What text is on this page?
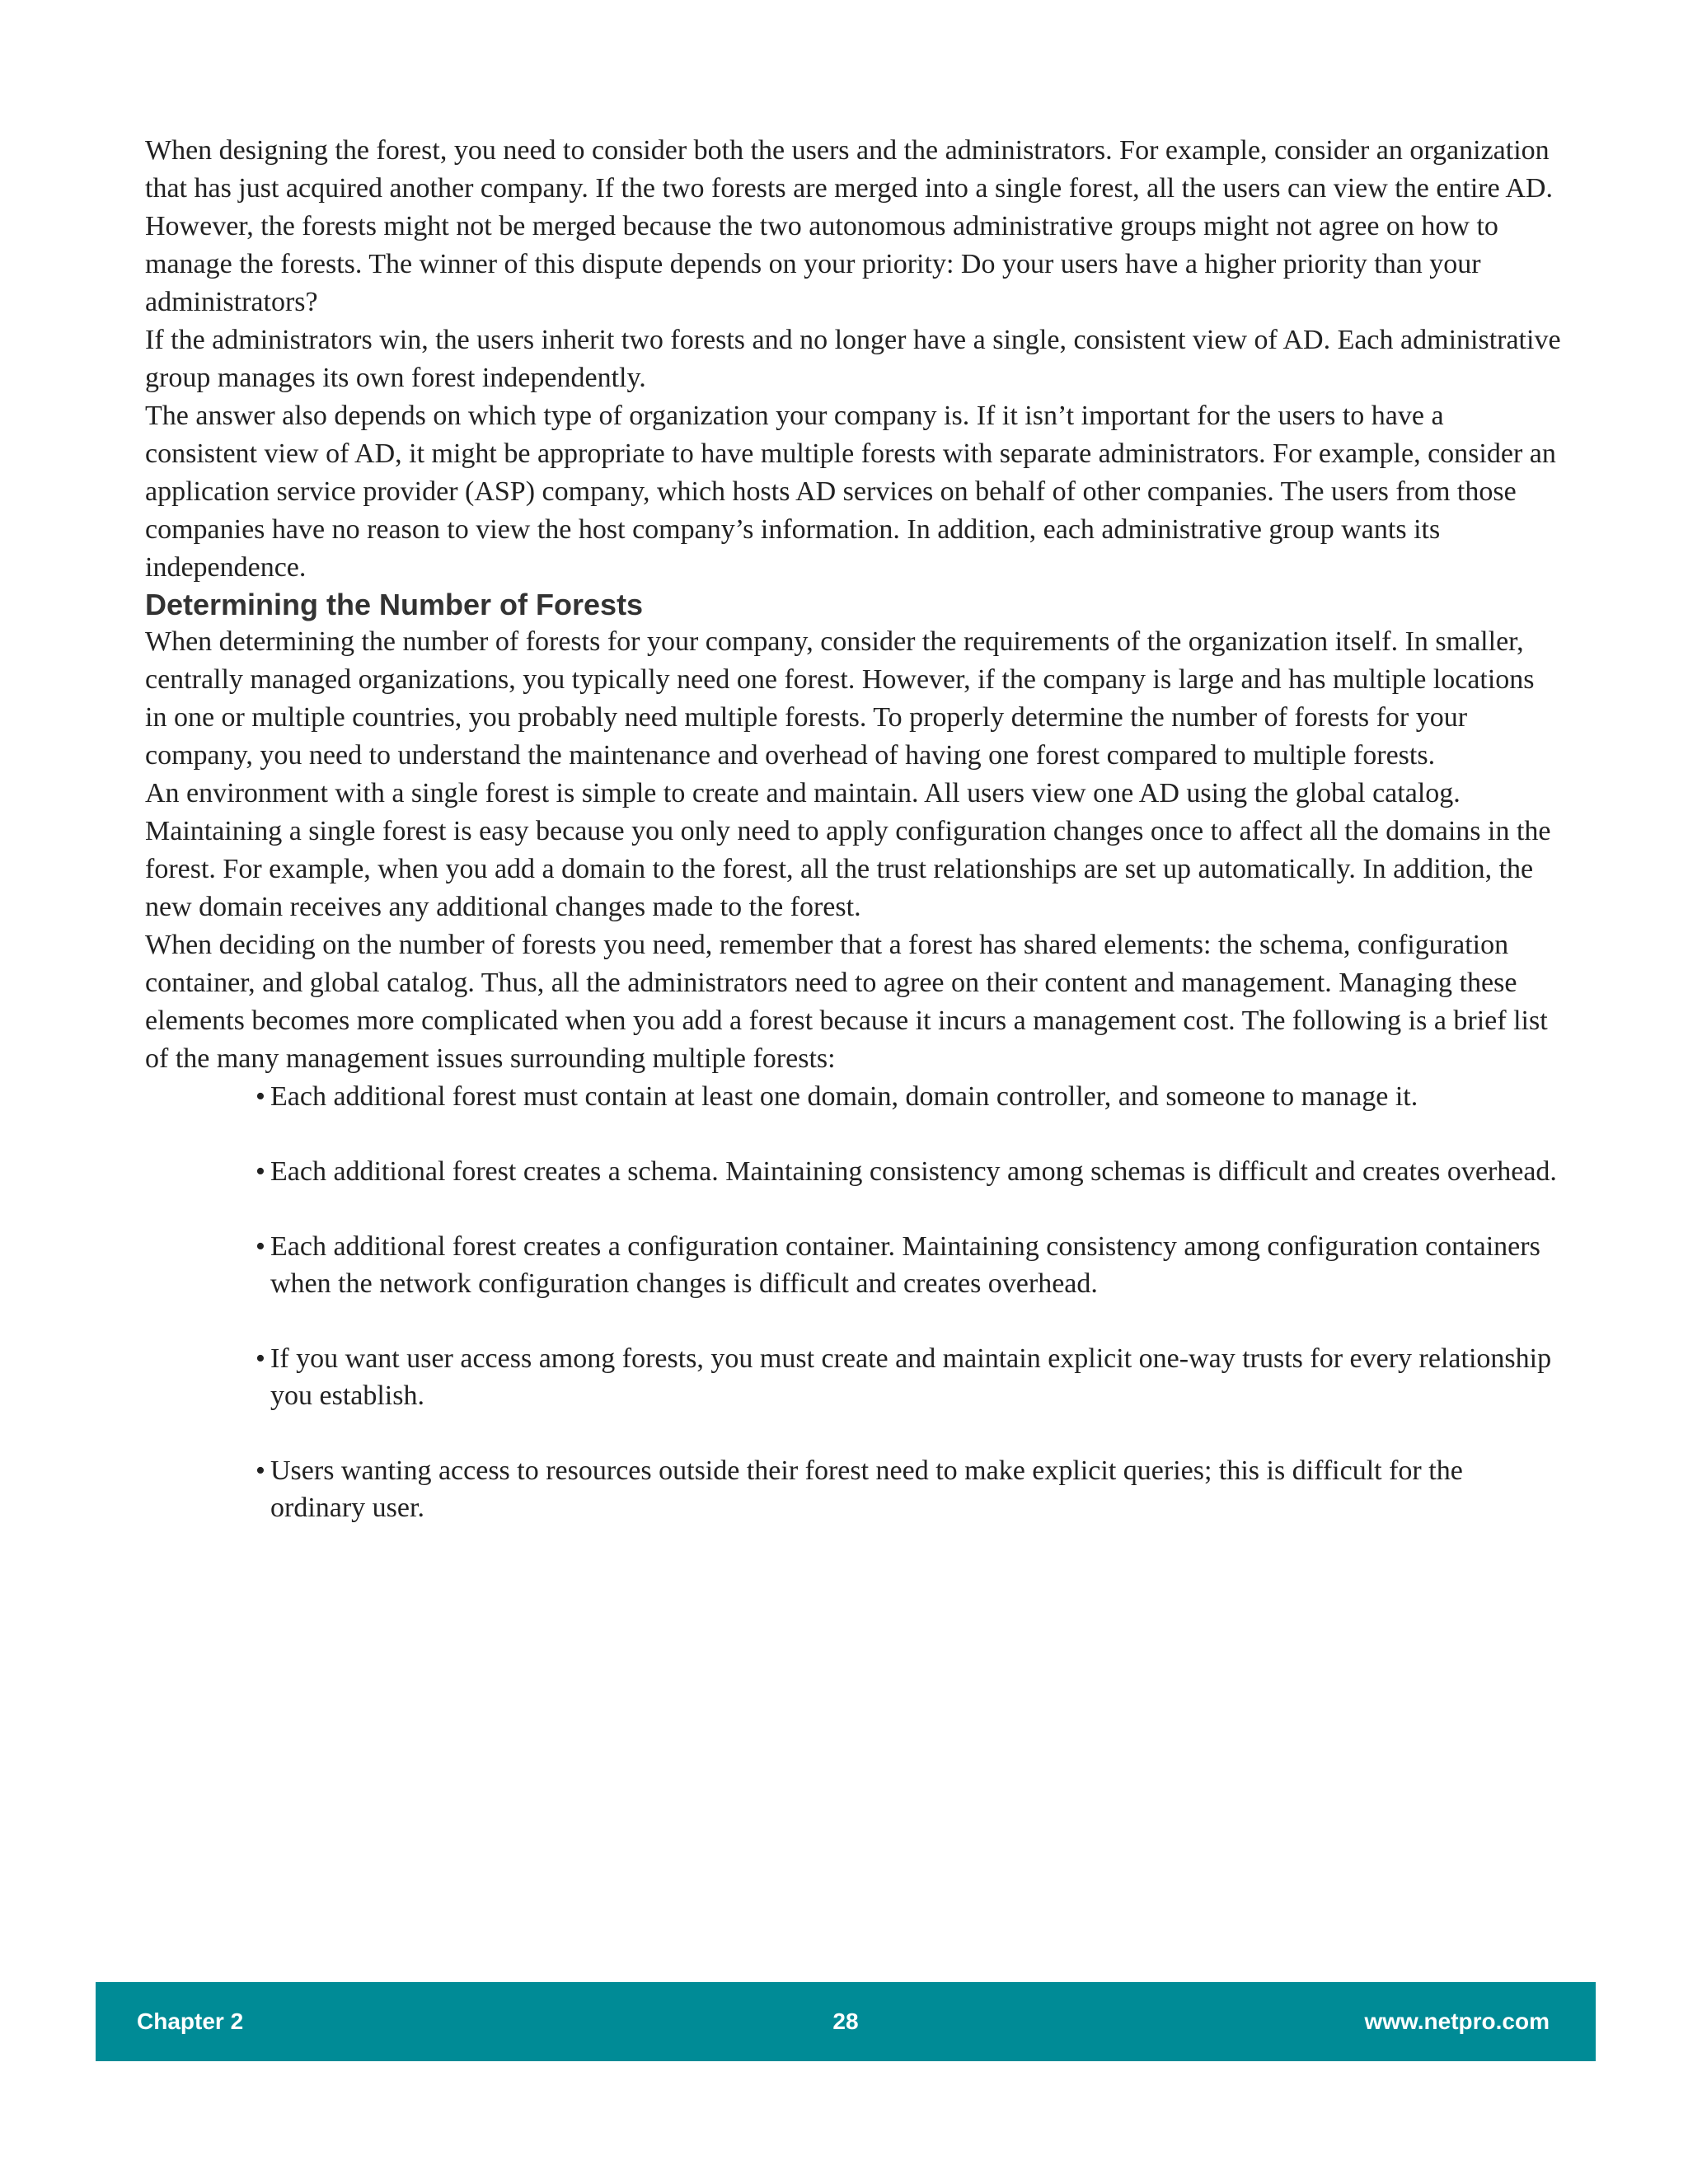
When designing the forest, you need to consider both the users and the administrators. For example, consider an organization that has just acquired another company. If the two forests are merged into a single forest, all the users can view the entire AD. However, the forests might not be merged because the two autonomous administrative groups might not agree on how to manage the forests. The winner of this dispute depends on your priority: Do your users have a higher priority than your administrators?

If the administrators win, the users inherit two forests and no longer have a single, consistent view of AD. Each administrative group manages its own forest independently.

The answer also depends on which type of organization your company is. If it isn’t important for the users to have a consistent view of AD, it might be appropriate to have multiple forests with separate administrators. For example, consider an application service provider (ASP) company, which hosts AD services on behalf of other companies. The users from those companies have no reason to view the host company’s information. In addition, each administrative group wants its independence.

Determining the Number of Forests

When determining the number of forests for your company, consider the requirements of the organization itself. In smaller, centrally managed organizations, you typically need one forest. However, if the company is large and has multiple locations in one or multiple countries, you probably need multiple forests. To properly determine the number of forests for your company, you need to understand the maintenance and overhead of having one forest compared to multiple forests.

An environment with a single forest is simple to create and maintain. All users view one AD using the global catalog. Maintaining a single forest is easy because you only need to apply configuration changes once to affect all the domains in the forest. For example, when you add a domain to the forest, all the trust relationships are set up automatically. In addition, the new domain receives any additional changes made to the forest.

When deciding on the number of forests you need, remember that a forest has shared elements: the schema, configuration container, and global catalog. Thus, all the administrators need to agree on their content and management. Managing these elements becomes more complicated when you add a forest because it incurs a management cost. The following is a brief list of the many management issues surrounding multiple forests:

• Each additional forest must contain at least one domain, domain controller, and someone to manage it.
• Each additional forest creates a schema. Maintaining consistency among schemas is difficult and creates overhead.
• Each additional forest creates a configuration container. Maintaining consistency among configuration containers when the network configuration changes is difficult and creates overhead.
• If you want user access among forests, you must create and maintain explicit one-way trusts for every relationship you establish.
• Users wanting access to resources outside their forest need to make explicit queries; this is difficult for the ordinary user.
Chapter 2	28	www.netpro.com
